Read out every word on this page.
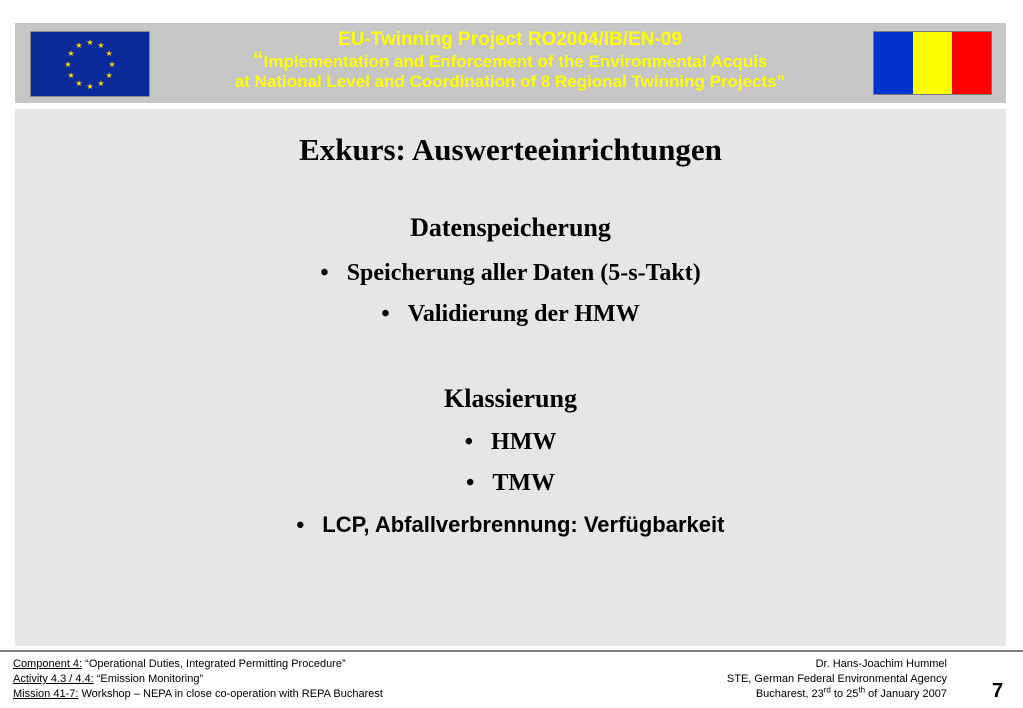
★ ★
★
★
★
★
★
★
★
★
★
★	EU-Twinning Project RO2004/IB/EN-09
“Implementation and Enforcement of the Environmental Acquis
at National Level and Coordination of 8 Regional Twinning Projects”
Exkurs: Auswerteeinrichtungen
Datenspeicherung
• Speicherung aller Daten (5-s-Takt)
• Validierung der HMW
Klassierung
• HMW
• TMW
• LCP, Abfallverbrennung: Verfügbarkeit
Component 4: “Operational Duties, Integrated Permitting Procedure”
Activity 4.3 / 4.4: “Emission Monitoring”
Mission 41-7: Workshop – NEPA in close co-operation with REPA Bucharest
Dr. Hans-Joachim Hummel
STE, German Federal Environmental Agency
Bucharest, 23rd to 25th of January 2007 7
